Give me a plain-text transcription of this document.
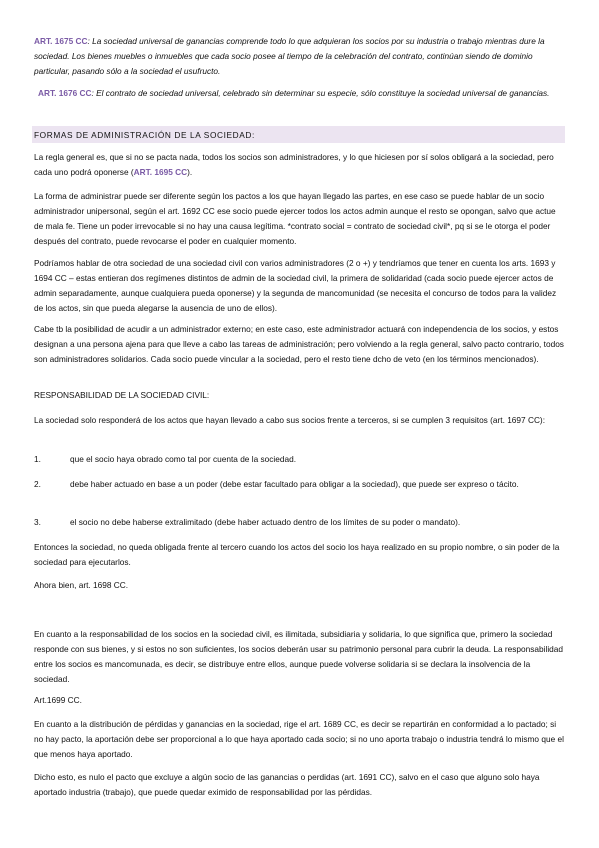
ART. 1675 CC: La sociedad universal de ganancias comprende todo lo que adquieran los socios por su industria o trabajo mientras dure la sociedad. Los bienes muebles o inmuebles que cada socio posee al tiempo de la celebración del contrato, continúan siendo de dominio particular, pasando sólo a la sociedad el usufructo.

ART. 1676 CC: El contrato de sociedad universal, celebrado sin determinar su especie, sólo constituye la sociedad universal de ganancias.

FORMAS DE ADMINISTRACIÓN DE LA SOCIEDAD:

La regla general es, que si no se pacta nada, todos los socios son administradores, y lo que hiciesen por sí solos obligará a la sociedad, pero cada uno podrá oponerse (ART. 1695 CC).

La forma de administrar puede ser diferente según los pactos a los que hayan llegado las partes, en ese caso se puede hablar de un socio administrador unipersonal, según el art. 1692 CC ese socio puede ejercer todos los actos admin aunque el resto se opongan, salvo que actue de mala fe. Tiene un poder irrevocable si no hay una causa legítima. *contrato social = contrato de sociedad civil*, pq si se le otorga el poder después del contrato, puede revocarse el poder en cualquier momento.

Podríamos hablar de otra sociedad de una sociedad civil con varios administradores (2 o +) y tendríamos que tener en cuenta los arts. 1693 y 1694 CC – estas entieran dos regímenes distintos de admin de la sociedad civil, la primera de solidaridad (cada socio puede ejercer actos de admin separadamente, aunque cualquiera pueda oponerse) y la segunda de mancomunidad (se necesita el concurso de todos para la validez de los actos, sin que pueda alegarse la ausencia de uno de ellos).

Cabe tb la posibilidad de acudir a un administrador externo; en este caso, este administrador actuará con independencia de los socios, y estos designan a una persona ajena para que lleve a cabo las tareas de administración; pero volviendo a la regla general, salvo pacto contrario, todos son administradores solidarios. Cada socio puede vincular a la sociedad, pero el resto tiene dcho de veto (en los términos mencionados).

RESPONSABILIDAD DE LA SOCIEDAD CIVIL:

La sociedad solo responderá de los actos que hayan llevado a cabo sus socios frente a terceros, si se cumplen 3 requisitos (art. 1697 CC):

1.	que el socio haya obrado como tal por cuenta de la sociedad.

2.	debe haber actuado en base a un poder (debe estar facultado para obligar a la sociedad), que puede ser expreso o tácito.

3.	el socio no debe haberse extralimitado (debe haber actuado dentro de los límites de su poder o mandato).

Entonces la sociedad, no queda obligada frente al tercero cuando los actos del socio los haya realizado en su propio nombre, o sin poder de la sociedad para ejecutarlos.

Ahora bien, art. 1698 CC.

En cuanto a la responsabilidad de los socios en la sociedad civil, es ilimitada, subsidiaria y solidaria, lo que significa que, primero la sociedad responde con sus bienes, y si estos no son suficientes, los socios deberán usar su patrimonio personal para cubrir la deuda. La responsabilidad entre los socios es mancomunada, es decir, se distribuye entre ellos, aunque puede volverse solidaria si se declara la insolvencia de la sociedad.

Art.1699 CC.

En cuanto a la distribución de pérdidas y ganancias en la sociedad, rige el art. 1689 CC, es decir se repartirán en conformidad a lo pactado; si no hay pacto, la aportación debe ser proporcional a lo que haya aportado cada socio; si no uno aporta trabajo o industria tendrá lo mismo que el que menos haya aportado.

Dicho esto, es nulo el pacto que excluye a algún socio de las ganancias o perdidas (art. 1691 CC), salvo en el caso que alguno solo haya aportado industria (trabajo), que puede quedar eximido de responsabilidad por las pérdidas.
